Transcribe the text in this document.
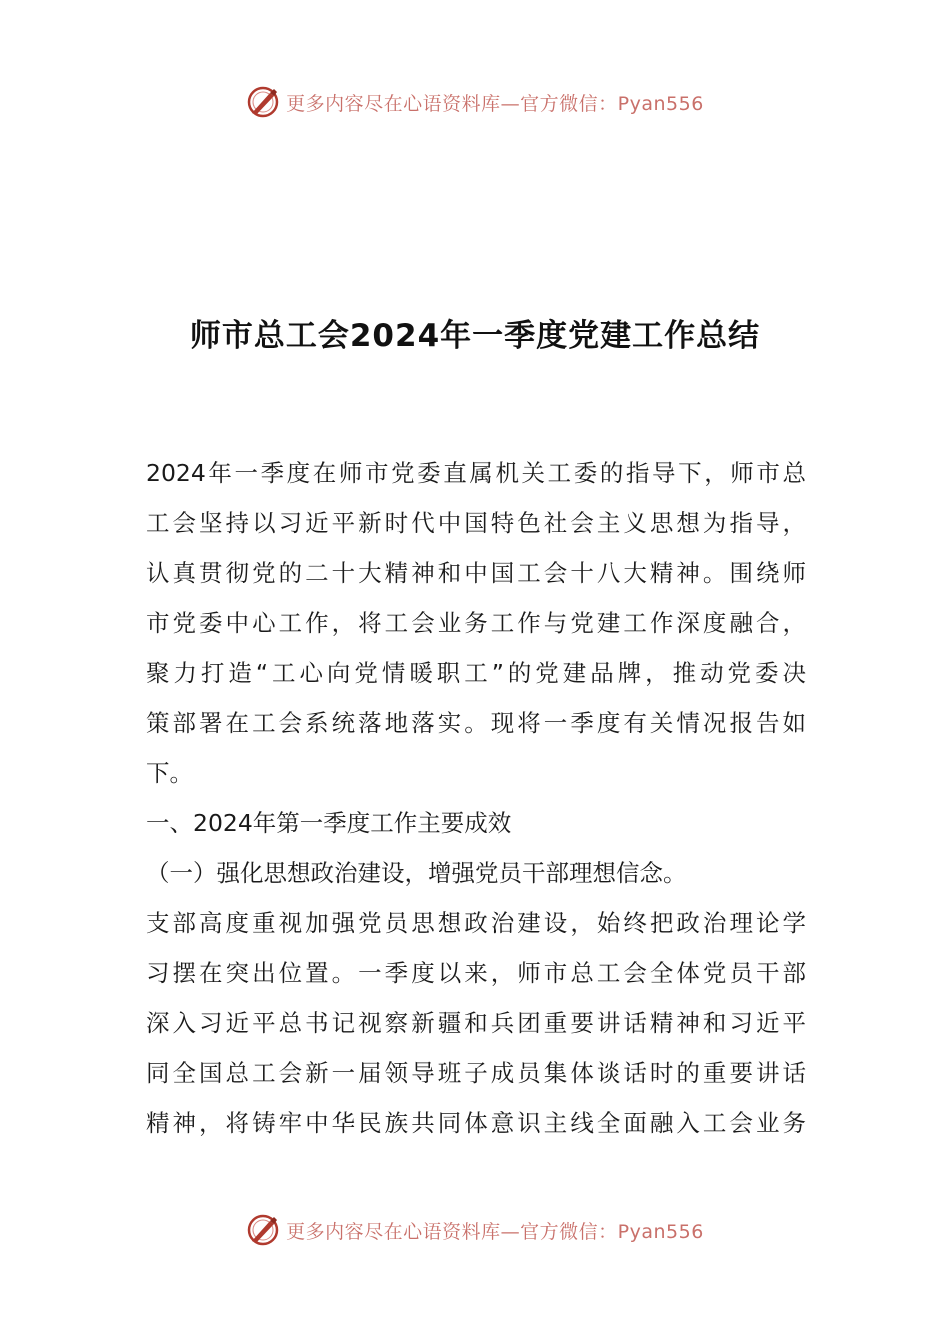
更多内容尽在心语资料库—官方微信：Pyan556
师市总工会2024年一季度党建工作总结
2024年一季度在师市党委直属机关工委的指导下，师市总
工会坚持以习近平新时代中国特色社会主义思想为指导，
认真贯彻党的二十大精神和中国工会十八大精神。围绕师
市党委中心工作，将工会业务工作与党建工作深度融合，
聚力打造“工心向党情暖职工”的党建品牌，推动党委决
策部署在工会系统落地落实。现将一季度有关情况报告如
下。
一、2024年第一季度工作主要成效
（一）强化思想政治建设，增强党员干部理想信念。
支部高度重视加强党员思想政治建设，始终把政治理论学
习摆在突出位置。一季度以来，师市总工会全体党员干部
深入习近平总书记视察新疆和兵团重要讲话精神和习近平
同全国总工会新一届领导班子成员集体谈话时的重要讲话
精神，将铸牢中华民族共同体意识主线全面融入工会业务
更多内容尽在心语资料库—官方微信：Pyan556
